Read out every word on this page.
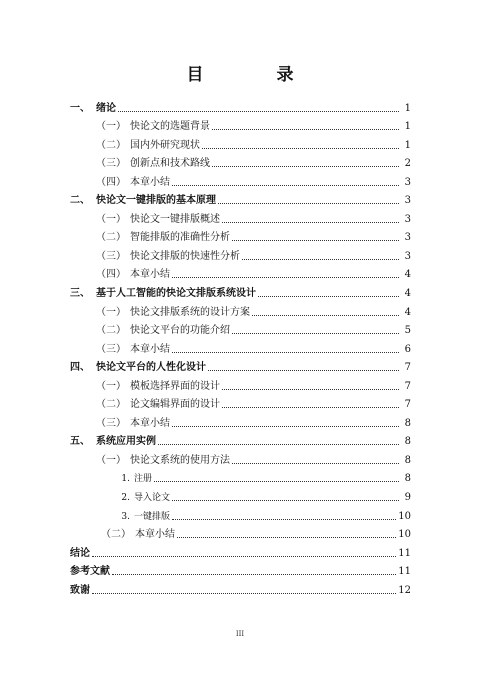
目　录
一、 绪论	1
（一） 快论文的选题背景	1
（二） 国内外研究现状	1
（三） 创新点和技术路线	2
（四） 本章小结	3
二、 快论文一键排版的基本原理	3
（一） 快论文一键排版概述	3
（二） 智能排版的准确性分析	3
（三） 快论文排版的快速性分析	3
（四） 本章小结	4
三、 基于人工智能的快论文排版系统设计	4
（一） 快论文排版系统的设计方案	4
（二） 快论文平台的功能介绍	5
（三） 本章小结	6
四、 快论文平台的人性化设计	7
（一） 模板选择界面的设计	7
（二） 论文编辑界面的设计	7
（三） 本章小结	8
五、 系统应用实例	8
（一） 快论文系统的使用方法	8
1. 注册	8
2. 导入论文	9
3. 一键排版	10
（二） 本章小结	10
结论	11
参考文献	11
致谢	12
III
